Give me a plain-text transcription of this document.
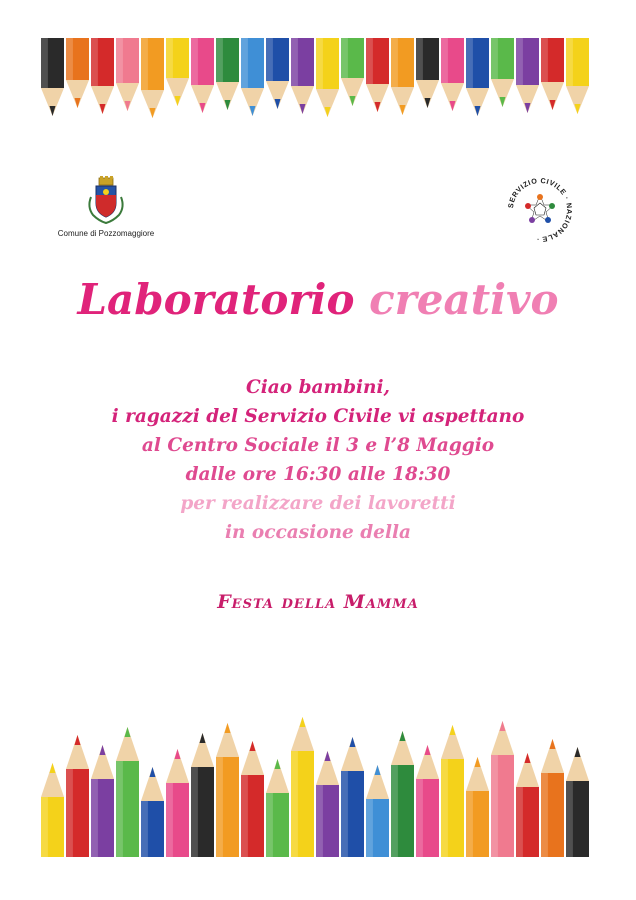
Comune di Pozzomaggiore
SERVIZIO CIVILE · NAZIONALE ·
Laboratorio creativo
Ciao bambini,
i ragazzi del Servizio Civile vi aspettano
al Centro Sociale il 3 e l’8 Maggio
dalle ore 16:30 alle 18:30
per realizzare dei lavoretti
in occasione della
Festa della Mamma
